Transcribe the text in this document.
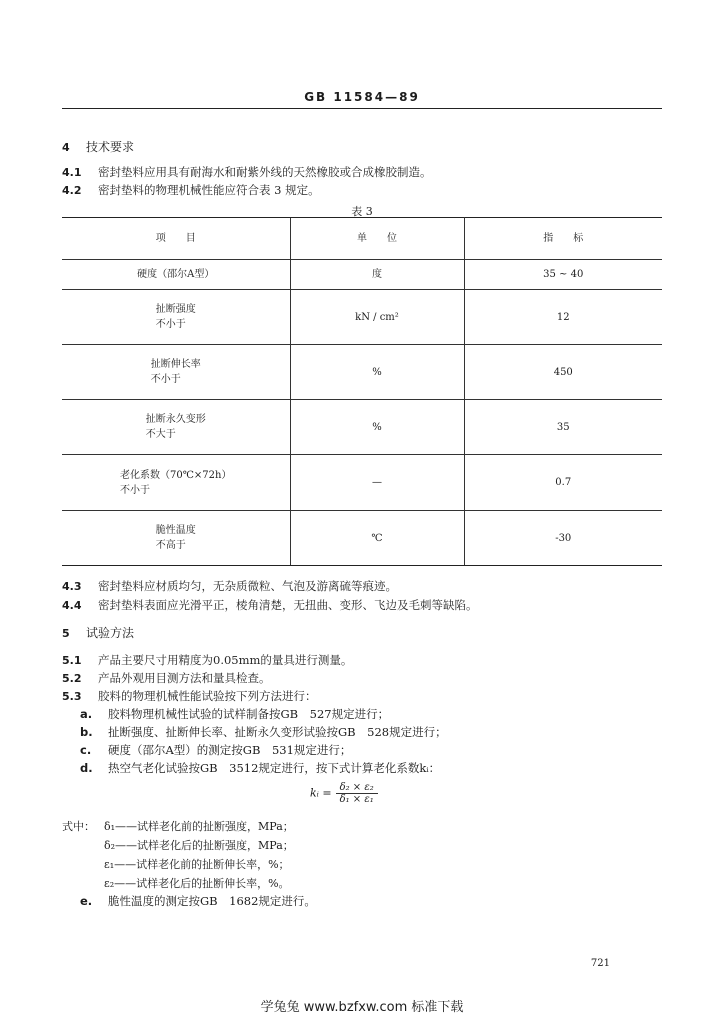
GB 11584—89
4 技术要求
4.1 密封垫料应用具有耐海水和耐紫外线的天然橡胶或合成橡胶制造。
4.2 密封垫料的物理机械性能应符合表 3 规定。
表 3
项　　目	单　　位	指　　标
硬度（邵尔A型）	度	35 ~ 40
扯断强度
不小于	kN / cm²	12
扯断伸长率
不小于	%	450
扯断永久变形
不大于	%	35
老化系数（70℃×72h）
不小于	—	0.7
脆性温度
不高于	℃	-30
4.3 密封垫料应材质均匀，无杂质微粒、气泡及游离硫等痕迹。
4.4 密封垫料表面应光滑平正，棱角清楚，无扭曲、变形、飞边及毛刺等缺陷。
5 试验方法
5.1 产品主要尺寸用精度为0.05mm的量具进行测量。
5.2 产品外观用目测方法和量具检查。
5.3 胶料的物理机械性能试验按下列方法进行：
a. 胶料物理机械性试验的试样制备按GB　527规定进行；
b. 扯断强度、扯断伸长率、扯断永久变形试验按GB　528规定进行；
c. 硬度（邵尔A型）的测定按GB　531规定进行；
d. 热空气老化试验按GB　3512规定进行，按下式计算老化系数kᵢ：
kᵢ = $\frac{\text{δ₂ × ε₂}}{\text{δ₁ × ε₁}}$
式中： δ₁——试样老化前的扯断强度，MPa；
δ₂——试样老化后的扯断强度，MPa；
ε₁——试样老化前的扯断伸长率，%；
ε₂——试样老化后的扯断伸长率，%。
e. 脆性温度的测定按GB　1682规定进行。
721
学兔兔 www.bzfxw.com 标准下载
